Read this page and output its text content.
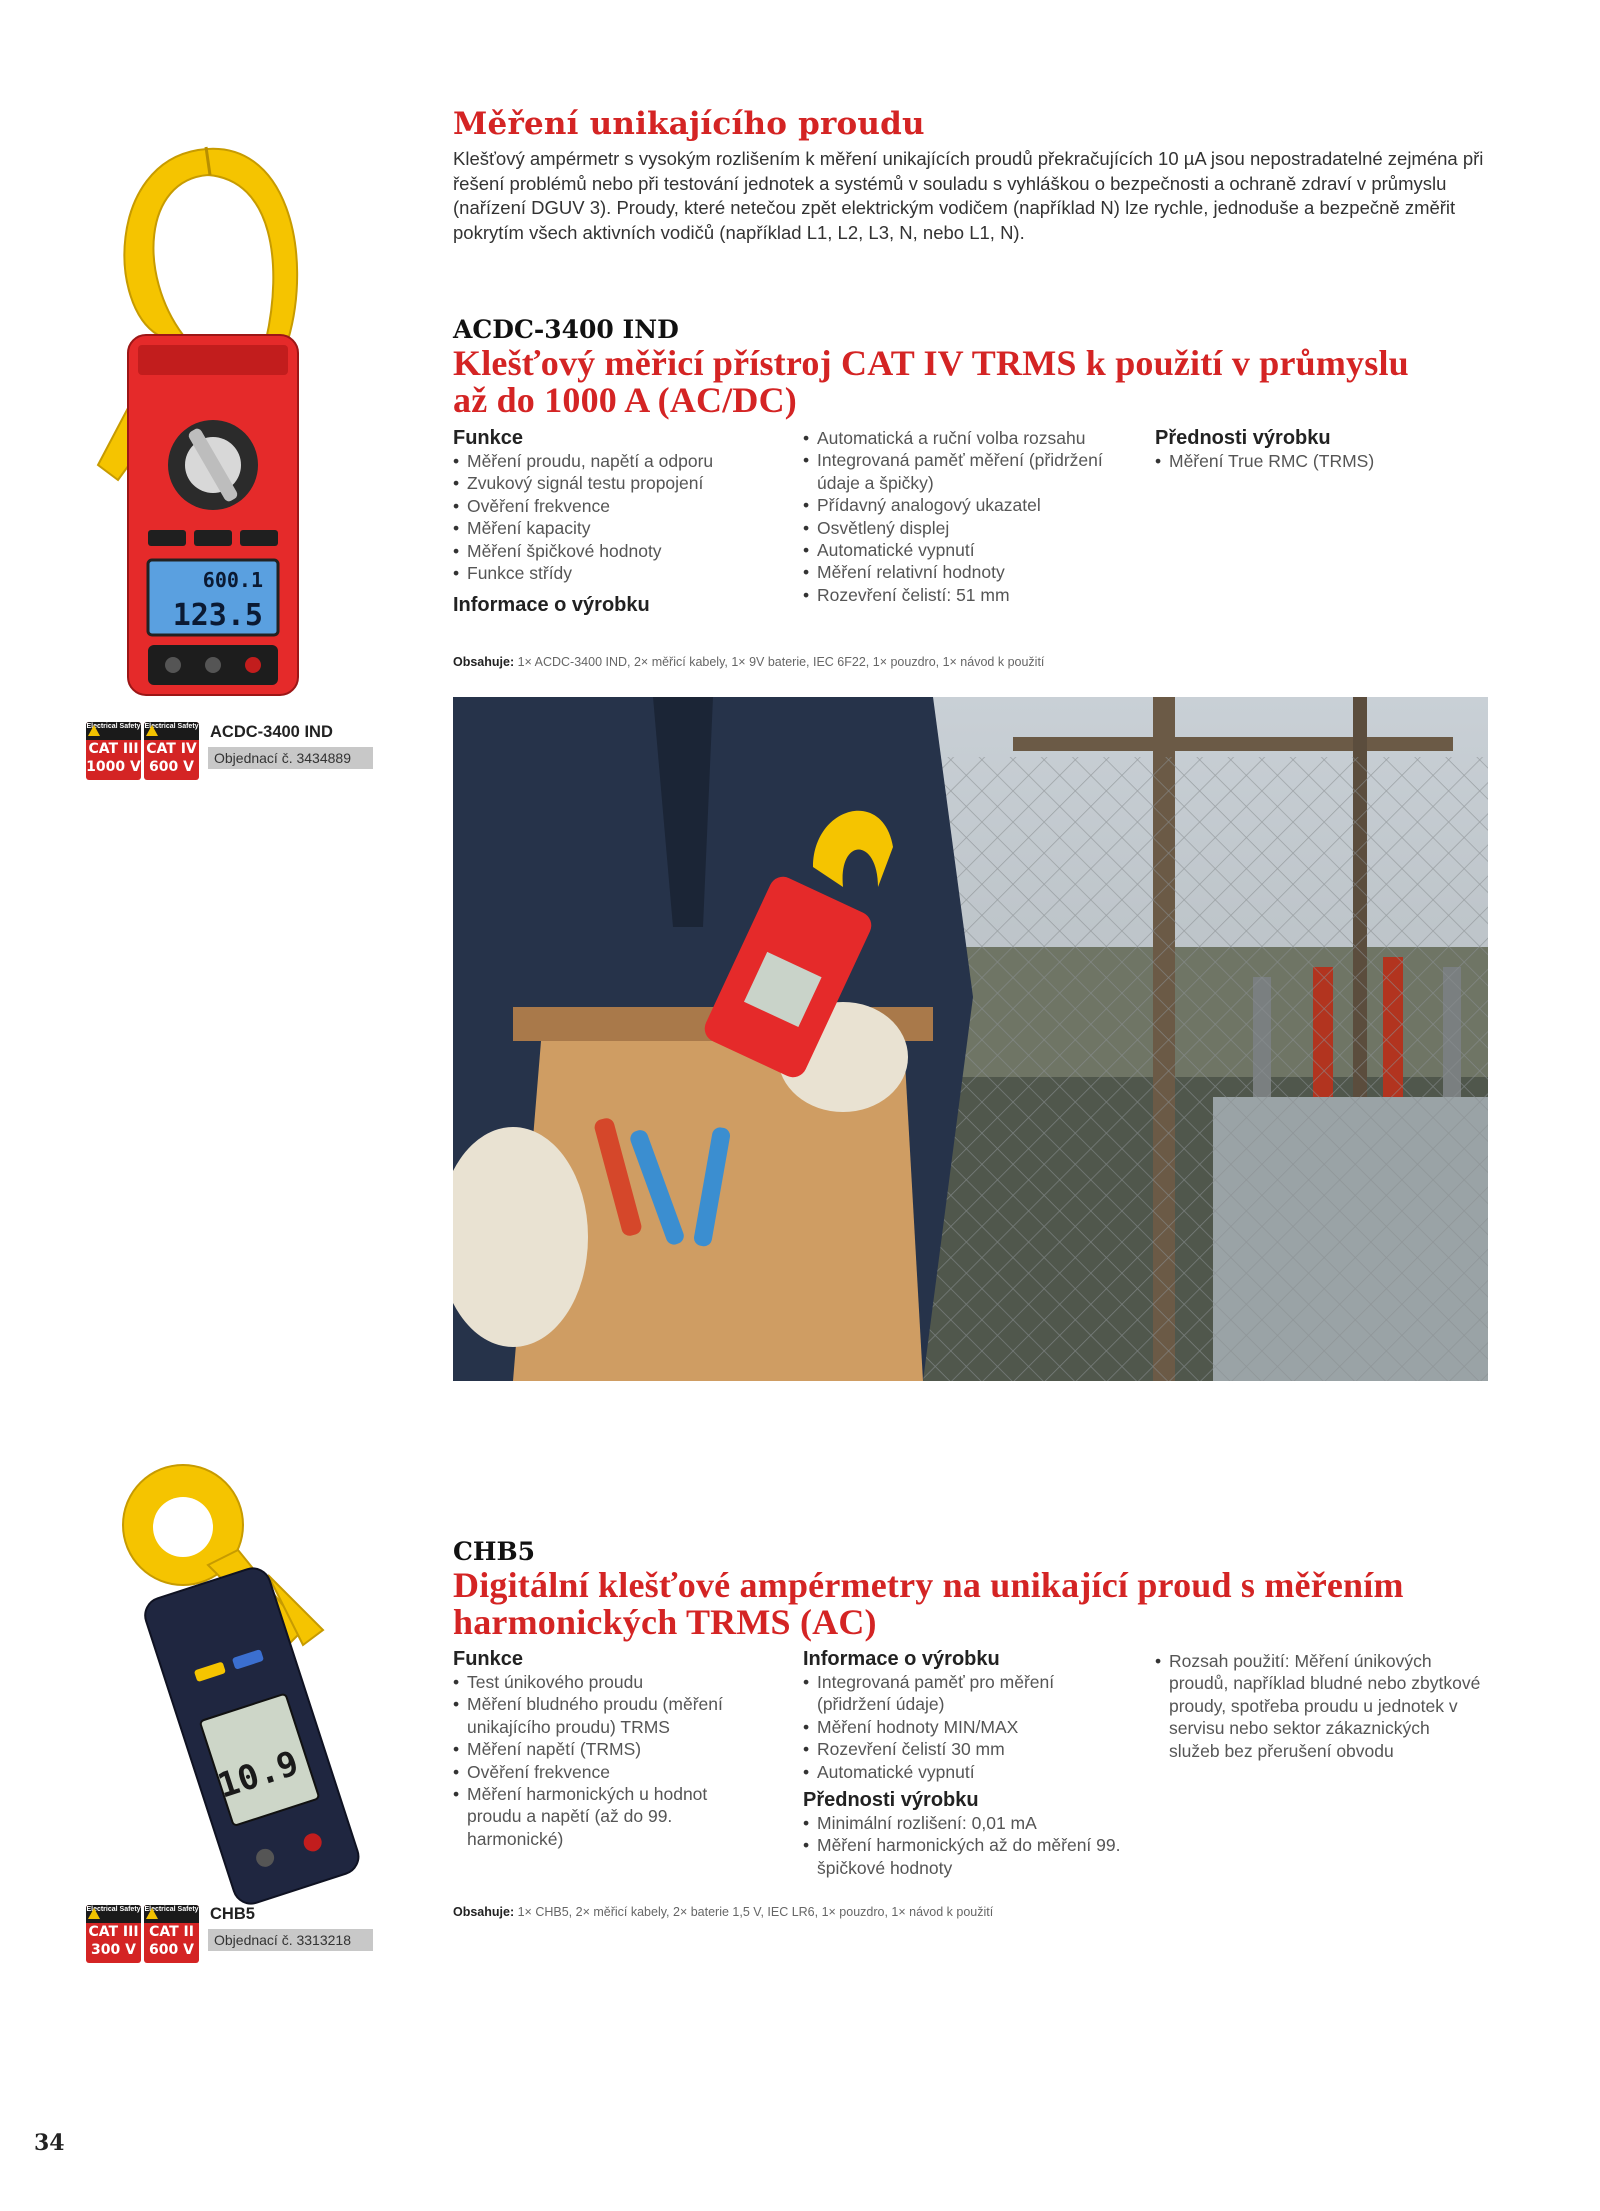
600.1
123.5
Měření unikajícího proudu
Klešťový ampérmetr s vysokým rozlišením k měření unikajících proudů překračujících 10 µA jsou nepostradatelné zejména při řešení problémů nebo při testování jednotek a systémů v souladu s vyhláškou o bezpečnosti a ochraně zdraví v průmyslu (nařízení DGUV 3). Proudy, které netečou zpět elektrickým vodičem (například N) lze rychle, jednoduše a bezpečně změřit pokrytím všech aktivních vodičů (například L1, L2, L3, N, nebo L1, N).
ACDC-3400 IND
Klešťový měřicí přístroj CAT IV TRMS k použití v průmyslu
až do 1000 A (AC/DC)
Funkce
• Měření proudu, napětí a odporu
• Zvukový signál testu propojení
• Ověření frekvence
• Měření kapacity
• Měření špičkové hodnoty
• Funkce střídy
Informace o výrobku
• Automatická a ruční volba rozsahu
• Integrovaná paměť měření (přidržení údaje a špičky)
• Přídavný analogový ukazatel
• Osvětlený displej
• Automatické vypnutí
• Měření relativní hodnoty
• Rozevření čelistí: 51 mm
Přednosti výrobku
• Měření True RMC (TRMS)
Obsahuje: 1× ACDC-3400 IND, 2× měřicí kabely, 1× 9V baterie, IEC 6F22, 1× pouzdro, 1× návod k použití
Electrical Safety
CAT III
1000 V
Electrical Safety
CAT IV
600 V
ACDC-3400 IND
Objednací č. 3434889
10.9
CHB5
Digitální klešťové ampérmetry na unikající proud s měřením
harmonických TRMS (AC)
Funkce
• Test únikového proudu
• Měření bludného proudu (měření unikajícího proudu) TRMS
• Měření napětí (TRMS)
• Ověření frekvence
• Měření harmonických u hodnot proudu a napětí (až do 99. harmonické)
Informace o výrobku
• Integrovaná paměť pro měření (přidržení údaje)
• Měření hodnoty MIN/MAX
• Rozevření čelistí 30 mm
• Automatické vypnutí
Přednosti výrobku
• Minimální rozlišení: 0,01 mA
• Měření harmonických až do měření 99. špičkové hodnoty
• Rozsah použití: Měření únikových proudů, například bludné nebo zbytkové proudy, spotřeba proudu u jednotek v servisu nebo sektor zákaznických služeb bez přerušení obvodu
Obsahuje: 1× CHB5, 2× měřicí kabely, 2× baterie 1,5 V, IEC LR6, 1× pouzdro, 1× návod k použití
Electrical Safety
CAT III
300 V
Electrical Safety
CAT II
600 V
CHB5
Objednací č. 3313218
34
